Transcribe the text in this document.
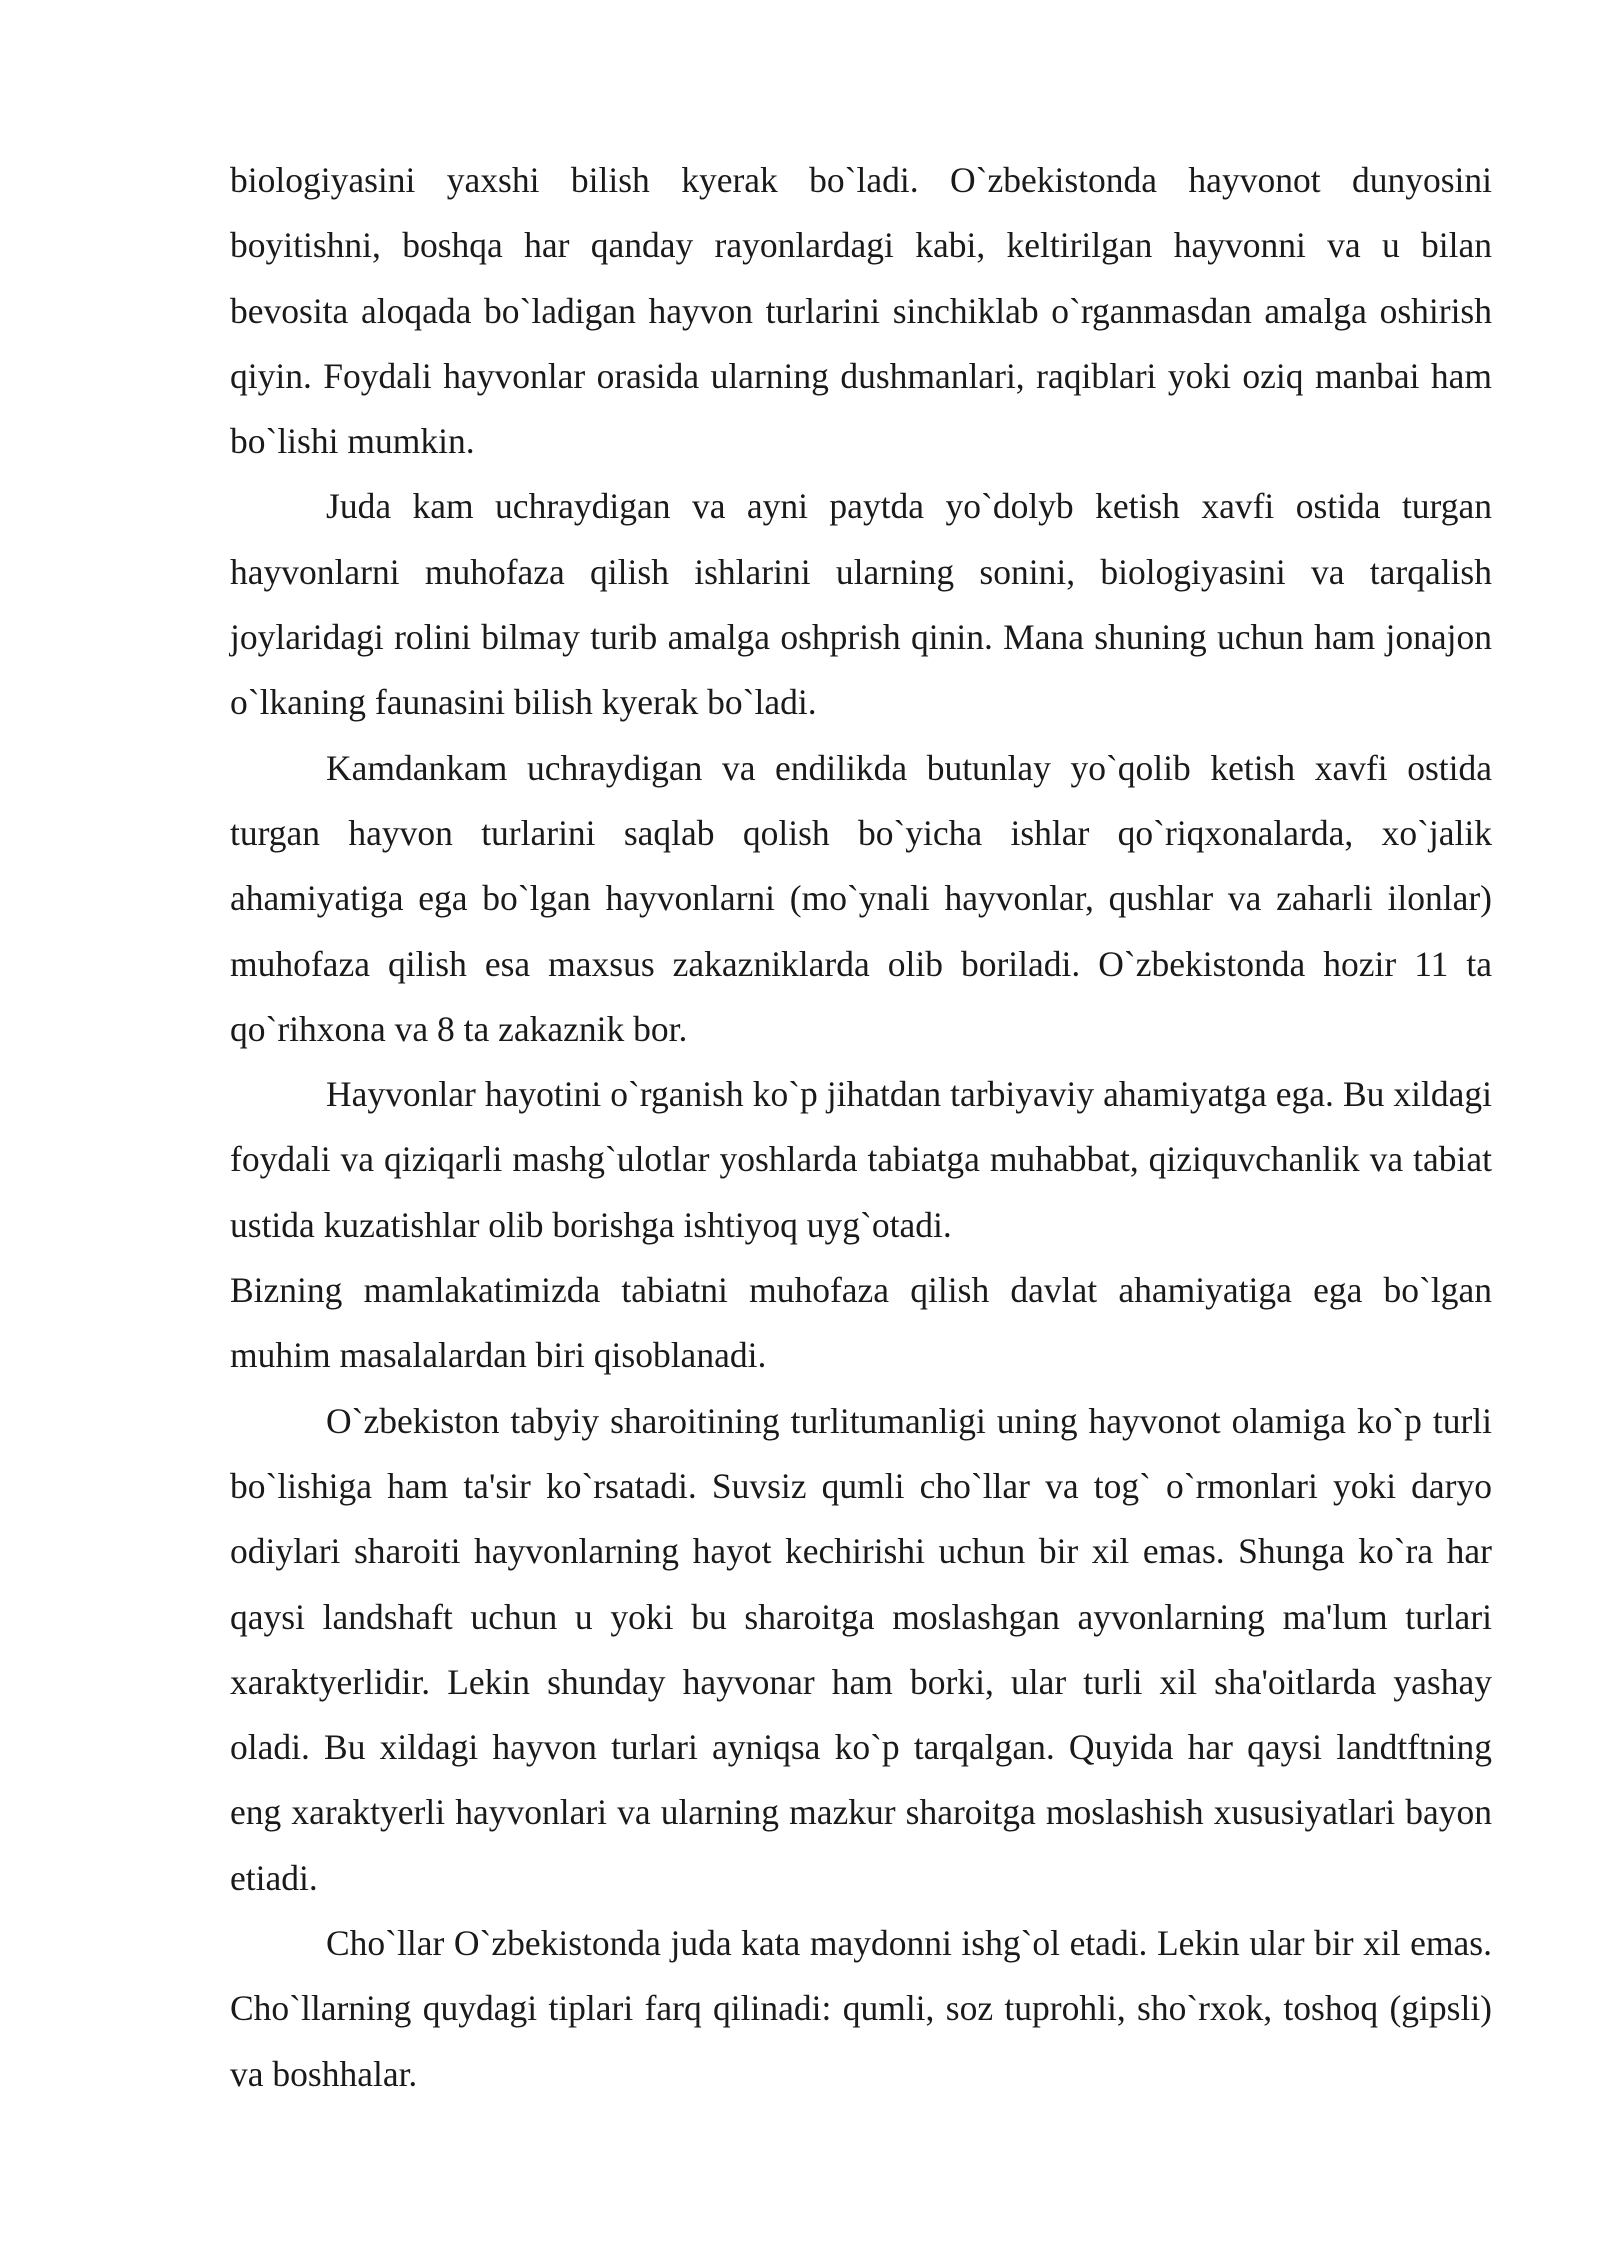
biologiyasini yaxshi bilish kyerak bo`ladi. O`zbekistonda hayvonot dunyosini boyitishni, boshqa har qanday rayonlardagi kabi, keltirilgan hayvonni va u bilan bevosita aloqada bo`ladigan hayvon turlarini sinchiklab o`rganmasdan amalga oshirish qiyin. Foydali hayvonlar orasida ularning dushmanlari, raqiblari yoki oziq manbai ham bo`lishi mumkin.

Juda kam uchraydigan va ayni paytda yo`dolyb ketish xavfi ostida turgan hayvonlarni muhofaza qilish ishlarini ularning sonini, biologiyasini va tarqalish joylaridagi rolini bilmay turib amalga oshprish qinin. Mana shuning uchun ham jonajon o`lkaning faunasini bilish kyerak bo`ladi.

Kamdankam uchraydigan va endilikda butunlay yo`qolib ketish xavfi ostida turgan hayvon turlarini saqlab qolish bo`yicha ishlar qo`riqxonalarda, xo`jalik ahamiyatiga ega bo`lgan hayvonlarni (mo`ynali hayvonlar, qushlar va zaharli ilonlar) muhofaza qilish esa maxsus zakazniklarda olib boriladi. O`zbekistonda hozir 11 ta qo`rihxona va 8 ta zakaznik bor.

Hayvonlar hayotini o`rganish ko`p jihatdan tarbiyaviy ahamiyatga ega. Bu xildagi foydali va qiziqarli mashg`ulotlar yoshlarda tabiatga muhabbat, qiziquvchanlik va tabiat ustida kuzatishlar olib borishga ishtiyoq uyg`otadi.

Bizning mamlakatimizda tabiatni muhofaza qilish davlat ahamiyatiga ega bo`lgan muhim masalalardan biri qisoblanadi.

O`zbekiston tabyiy sharoitining turlitumanligi uning hayvonot olamiga ko`p turli bo`lishiga ham ta'sir ko`rsatadi. Suvsiz qumli cho`llar va tog` o`rmonlari yoki daryo odiylari sharoiti hayvonlarning hayot kechirishi uchun bir xil emas. Shunga ko`ra har qaysi landshaft uchun u yoki bu sharoitga moslashgan ayvonlarning ma'lum turlari xaraktyerlidir. Lekin shunday hayvonar ham borki, ular turli xil sha'oitlarda yashay oladi. Bu xildagi hayvon turlari ayniqsa ko`p tarqalgan. Quyida har qaysi landtftning eng xaraktyerli hayvonlari va ularning mazkur sharoitga moslashish xususiyatlari bayon etiadi.

Cho`llar O`zbekistonda juda kata maydonni ishg`ol etadi. Lekin ular bir xil emas. Cho`llarning quydagi tiplari farq qilinadi: qumli, soz tuprohli, sho`rxok, toshoq (gipsli) va boshhalar.
